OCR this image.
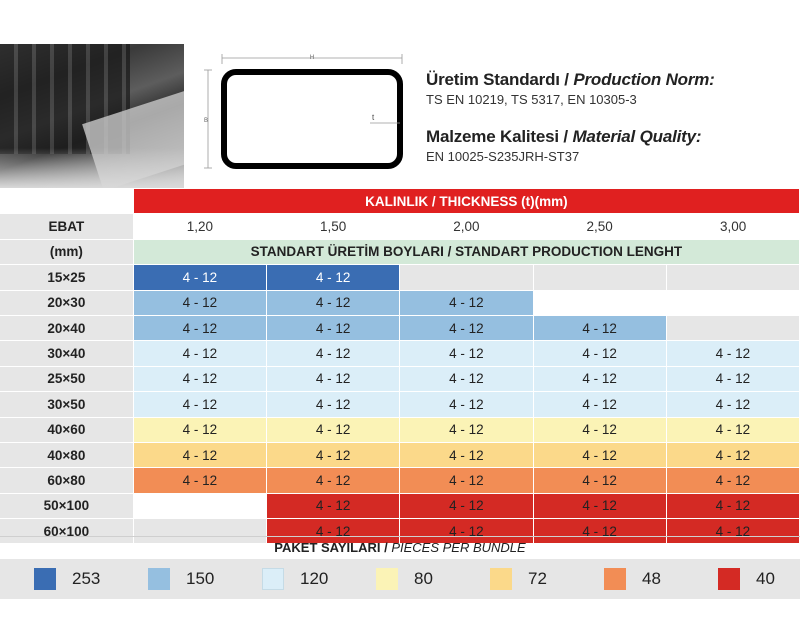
H
B	t
Üretim Standardı / Production Norm:
TS EN 10219, TS 5317, EN 10305-3
Malzeme Kalitesi / Material Quality:
EN 10025-S235JRH-ST37
	KALINLIK / THICKNESS (t)(mm)				
EBAT	1,20	1,50	2,00	2,50	3,00
(mm)	STANDART ÜRETİM BOYLARI / STANDART PRODUCTION LENGHT				
15×25	4 - 12	4 - 12			
20×30	4 - 12	4 - 12	4 - 12		
20×40	4 - 12	4 - 12	4 - 12	4 - 12	
30×40	4 - 12	4 - 12	4 - 12	4 - 12	4 - 12
25×50	4 - 12	4 - 12	4 - 12	4 - 12	4 - 12
30×50	4 - 12	4 - 12	4 - 12	4 - 12	4 - 12
40×60	4 - 12	4 - 12	4 - 12	4 - 12	4 - 12
40×80	4 - 12	4 - 12	4 - 12	4 - 12	4 - 12
60×80	4 - 12	4 - 12	4 - 12	4 - 12	4 - 12
50×100		4 - 12	4 - 12	4 - 12	4 - 12
60×100		4 - 12	4 - 12	4 - 12	4 - 12
PAKET SAYILARI / PIECES PER BUNDLE
253	150	120	80	72	48	40
